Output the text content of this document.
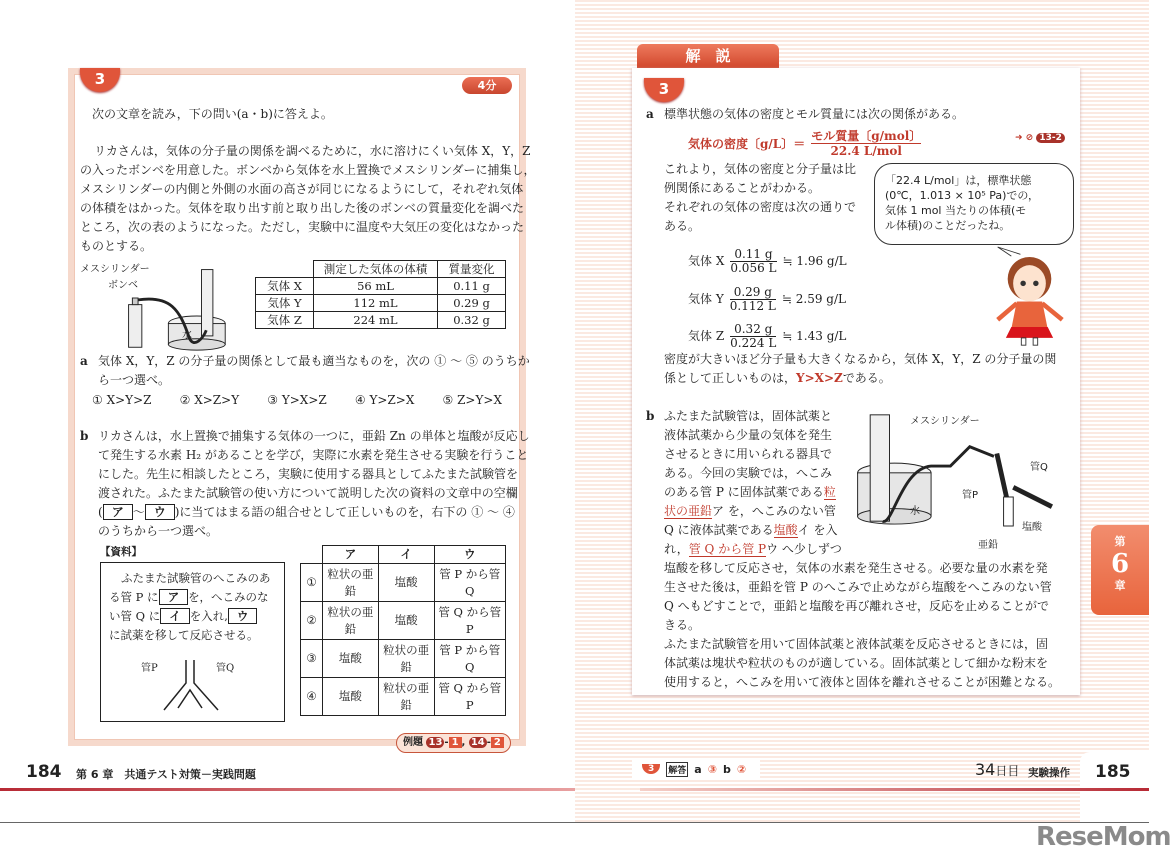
3	4分
次の文章を読み，下の問い(a・b)に答えよ。
リカさんは，気体の分子量の関係を調べるために，水に溶けにくい気体 X，Y，Z
の入ったボンベを用意した。ボンベから気体を水上置換でメスシリンダーに捕集し，
メスシリンダーの内側と外側の水面の高さが同じになるようにして，それぞれ気体
の体積をはかった。気体を取り出す前と取り出した後のボンベの質量変化を調べた
ところ，次の表のようになった。ただし，実験中に温度や大気圧の変化はなかった
ものとする。
メスシリンダー
ボンベ
水
	測定した気体の体積	質量変化
気体 X	56 mL	0.11 g
気体 Y	112 mL	0.29 g
気体 Z	224 mL	0.32 g
a 気体 X，Y，Z の分子量の関係として最も適当なものを，次の ① ～ ⑤ のうちか
ら一つ選べ。
① X>Y>Z ② X>Z>Y ③ Y>X>Z ④ Y>Z>X ⑤ Z>Y>X
b リカさんは，水上置換で捕集する気体の一つに，亜鉛 Zn の単体と塩酸が反応し
て発生する水素 H₂ があることを学び，実際に水素を発生させる実験を行うこと
にした。先生に相談したところ，実験に使用する器具としてふたまた試験管を
渡された。ふたまた試験管の使い方について説明した次の資料の文章中の空欄
( ア ～ ウ )に当てはまる語の組合せとして正しいものを，右下の ① ～ ④
のうちから一つ選べ。
【資料】
ふたまた試験管のへこみのあ
る管 P に ア を，へこみのな
い管 Q に イ を入れ, ウ
に試薬を移して反応させる。
管P	管Q
	ア	イ	ウ
①	粒状の亜鉛	塩酸	管 P から管 Q
②	粒状の亜鉛	塩酸	管 Q から管 P
③	塩酸	粒状の亜鉛	管 P から管 Q
④	塩酸	粒状の亜鉛	管 Q から管 P
例題 13 - 1 , 14 - 2
184 第 6 章　共通テスト対策－実践問題
解　説
3
a 標準状態の気体の密度とモル質量には次の関係がある。
気体の密度〔g/L〕＝ $\frac{\text{モル質量〔g/mol〕}}{\text{22.4 L/mol}}$	➜ ⊘ 13-2
これより，気体の密度と分子量は比
例関係にあることがわかる。
それぞれの気体の密度は次の通りで
ある。
「22.4 L/mol」は，標準状態
(0℃，1.013 × 10⁵ Pa)での，
気体 1 mol 当たりの体積(モ
ル体積)のことだったね。
気体 X $\frac{0.11 g}{0.056 L}$ ≒ 1.96 g/L
気体 Y $\frac{0.29 g}{0.112 L}$ ≒ 2.59 g/L
気体 Z $\frac{0.32 g}{0.224 L}$ ≒ 1.43 g/L
密度が大きいほど分子量も大きくなるから，気体 X，Y，Z の分子量の関
係として正しいものは，Y>X>Zである。
b ふたまた試験管は，固体試薬と
液体試薬から少量の気体を発生
させるときに用いられる器具で
ある。今回の実験では，へこみ
のある管 P に固体試薬である粒
状の亜鉛ア を，へこみのない管
Q に液体試薬である塩酸イ を入
れ，管 Q から管 Pウ へ少しずつ
塩酸を移して反応させ，気体の水素を発生させる。必要な量の水素を発
生させた後は，亜鉛を管 P のへこみで止めながら塩酸をへこみのない管
Q へもどすことで，亜鉛と塩酸を再び離れさせ，反応を止めることがで
きる。
ふたまた試験管を用いて固体試薬と液体試薬を反応させるときには，固
体試薬は塊状や粒状のものが適している。固体試薬として細かな粉末を
使用すると，へこみを用いて液体と固体を離れさせることが困難となる。
メスシリンダー
管Q
管P
塩酸
亜鉛
水
第
6
章
3	解答 a ③ b ②	34日目 実験操作 185
ReseMom
